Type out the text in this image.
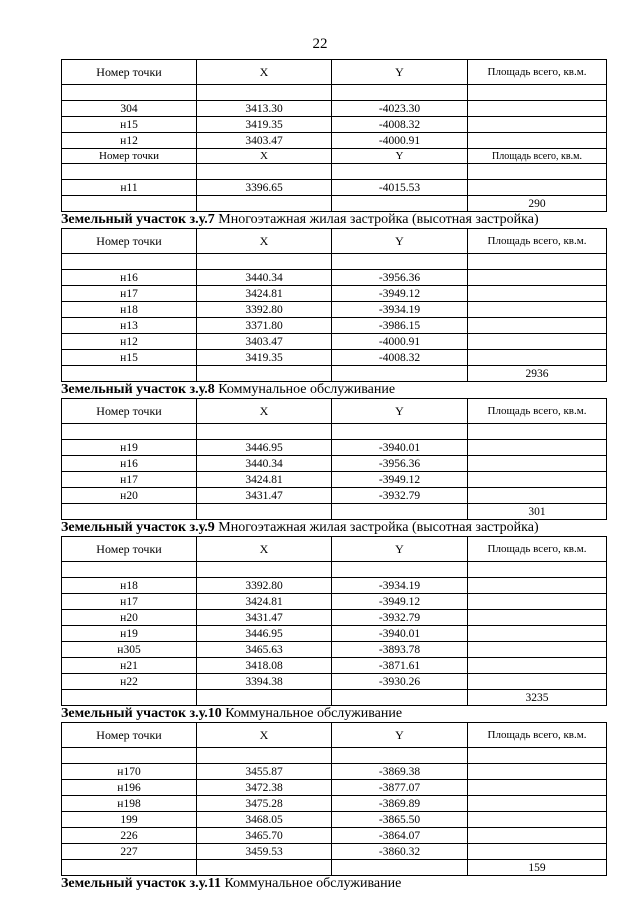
22
Номер точки	X	Y	Площадь всего, кв.м.

304	3413.30	-4023.30	
н15	3419.35	-4008.32	
н12	3403.47	-4000.91	
Номер точки	X	Y	Площадь всего, кв.м.

н11	3396.65	-4015.53	
			290
Земельный участок з.у.7 Многоэтажная жилая застройка (высотная застройка)
Номер точки	X	Y	Площадь всего, кв.м.

н16	3440.34	-3956.36	
н17	3424.81	-3949.12	
н18	3392.80	-3934.19	
н13	3371.80	-3986.15	
н12	3403.47	-4000.91	
н15	3419.35	-4008.32	
			2936
Земельный участок з.у.8 Коммунальное обслуживание
Номер точки	X	Y	Площадь всего, кв.м.

н19	3446.95	-3940.01	
н16	3440.34	-3956.36	
н17	3424.81	-3949.12	
н20	3431.47	-3932.79	
			301
Земельный участок з.у.9 Многоэтажная жилая застройка (высотная застройка)
Номер точки	X	Y	Площадь всего, кв.м.

н18	3392.80	-3934.19	
н17	3424.81	-3949.12	
н20	3431.47	-3932.79	
н19	3446.95	-3940.01	
н305	3465.63	-3893.78	
н21	3418.08	-3871.61	
н22	3394.38	-3930.26	
			3235
Земельный участок з.у.10 Коммунальное обслуживание
Номер точки	X	Y	Площадь всего, кв.м.

н170	3455.87	-3869.38	
н196	3472.38	-3877.07	
н198	3475.28	-3869.89	
199	3468.05	-3865.50	
226	3465.70	-3864.07	
227	3459.53	-3860.32	
			159
Земельный участок з.у.11 Коммунальное обслуживание
